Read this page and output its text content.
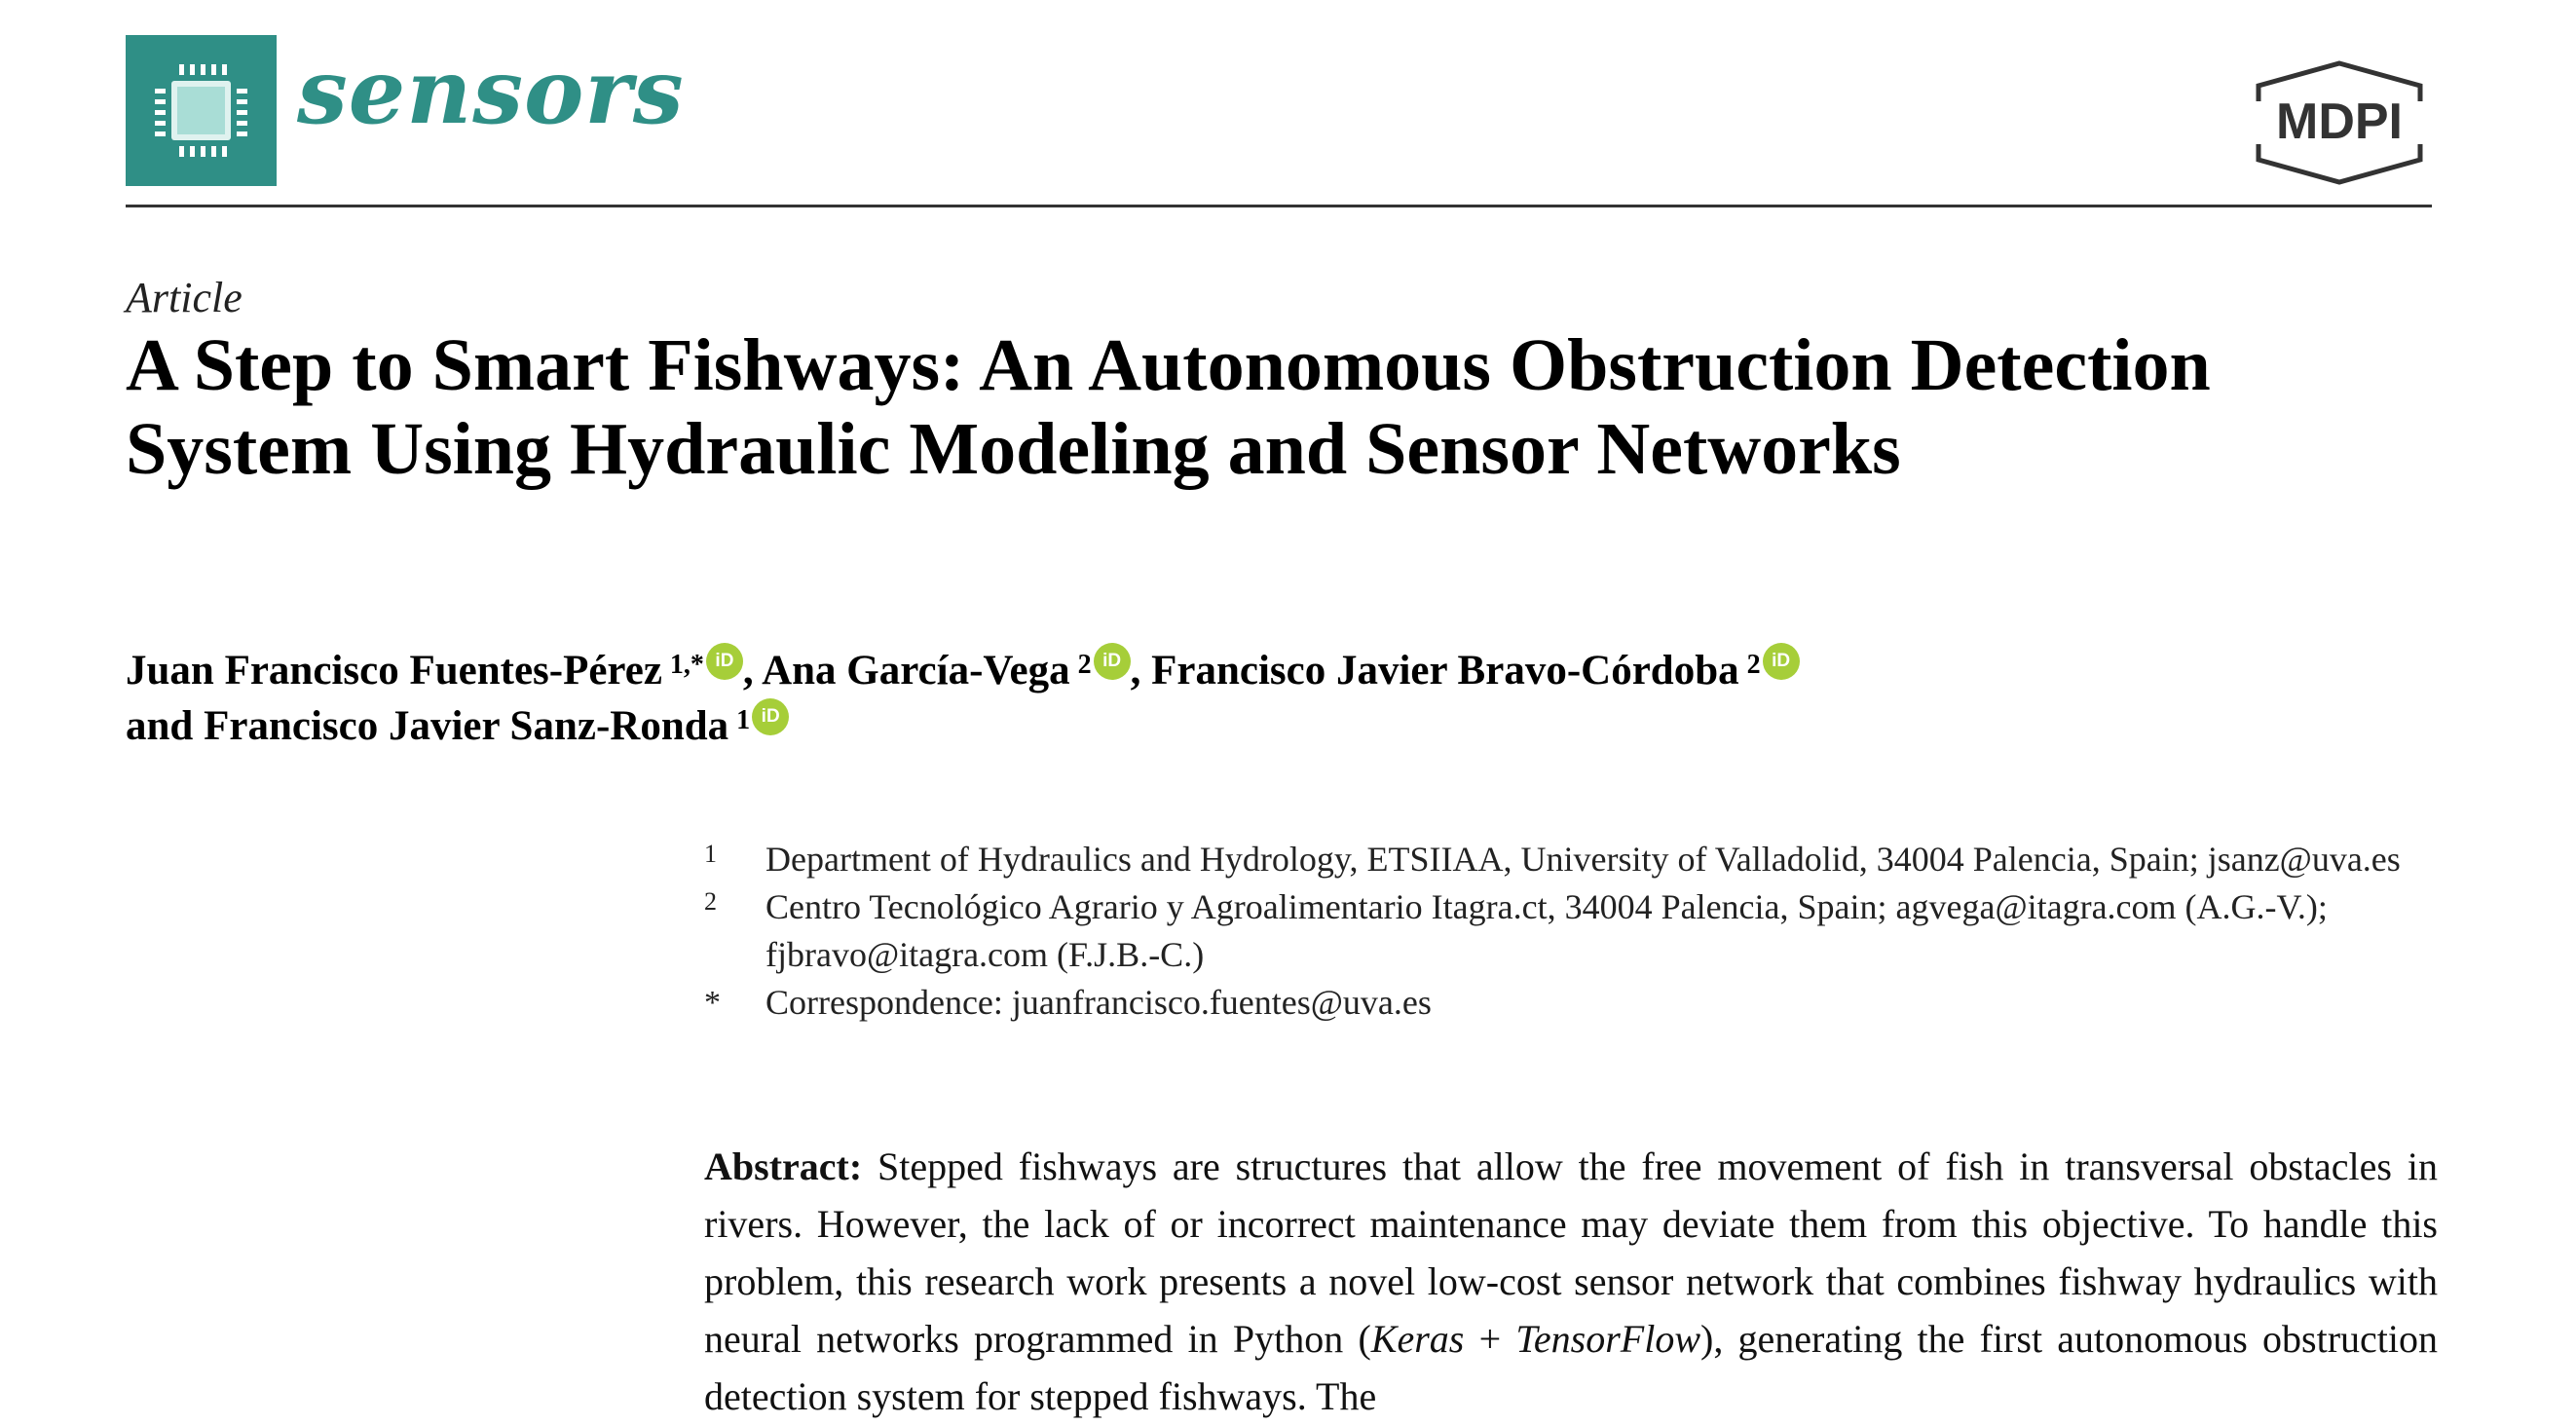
sensors	MDPI
Article
A Step to Smart Fishways: An Autonomous Obstruction Detection System Using Hydraulic Modeling and Sensor Networks
Juan Francisco Fuentes-Pérez $^{1,*}$ iD , Ana García-Vega $^2$ iD , Francisco Javier Bravo-Córdoba $^2$ iD
and Francisco Javier Sanz-Ronda $^1$ iD
1 Department of Hydraulics and Hydrology, ETSIIAA, University of Valladolid, 34004 Palencia, Spain; jsanz@uva.es
2 Centro Tecnológico Agrario y Agroalimentario Itagra.ct, 34004 Palencia, Spain; agvega@itagra.com (A.G.-V.); fjbravo@itagra.com (F.J.B.-C.)
* Correspondence: juanfrancisco.fuentes@uva.es
Abstract: Stepped fishways are structures that allow the free movement of fish in transversal obstacles in rivers. However, the lack of or incorrect maintenance may deviate them from this objective. To handle this problem, this research work presents a novel low-cost sensor network that combines fishway hydraulics with neural networks programmed in Python (Keras + TensorFlow), generating the first autonomous obstruction detection system for stepped fishways. The
